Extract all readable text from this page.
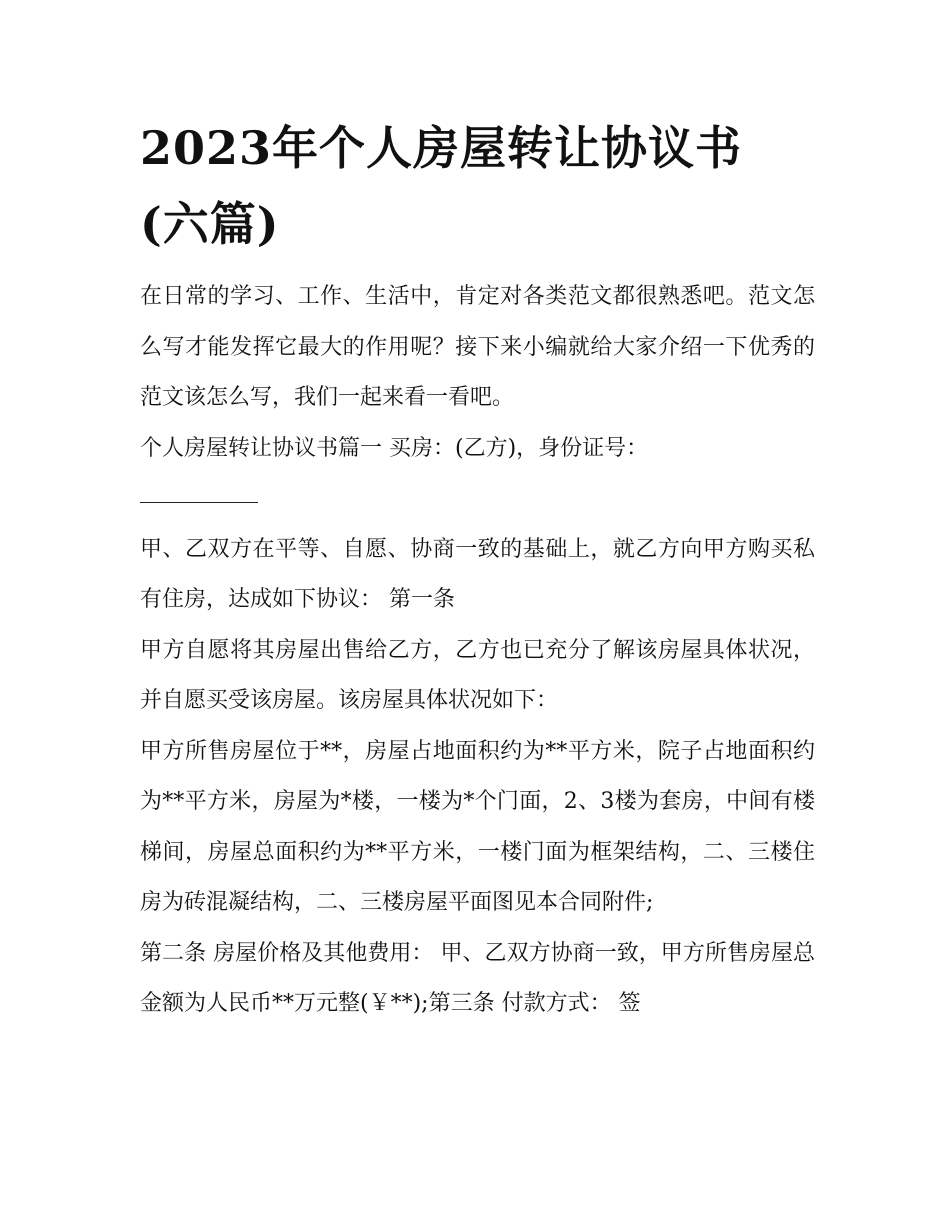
2023年个人房屋转让协议书
(六篇)

在日常的学习、工作、生活中，肯定对各类范文都很熟悉吧。范文怎么写才能发挥它最大的作用呢？接下来小编就给大家介绍一下优秀的范文该怎么写，我们一起来看一看吧。

个人房屋转让协议书篇一 买房：(乙方)，身份证号：

甲、乙双方在平等、自愿、协商一致的基础上，就乙方向甲方购买私有住房，达成如下协议： 第一条

甲方自愿将其房屋出售给乙方，乙方也已充分了解该房屋具体状况，并自愿买受该房屋。该房屋具体状况如下：

甲方所售房屋位于**，房屋占地面积约为**平方米，院子占地面积约为**平方米，房屋为*楼，一楼为*个门面，2、3楼为套房，中间有楼梯间，房屋总面积约为**平方米，一楼门面为框架结构，二、三楼住房为砖混凝结构，二、三楼房屋平面图见本合同附件;

第二条 房屋价格及其他费用： 甲、乙双方协商一致，甲方所售房屋总金额为人民币**万元整(￥**);第三条 付款方式： 签
